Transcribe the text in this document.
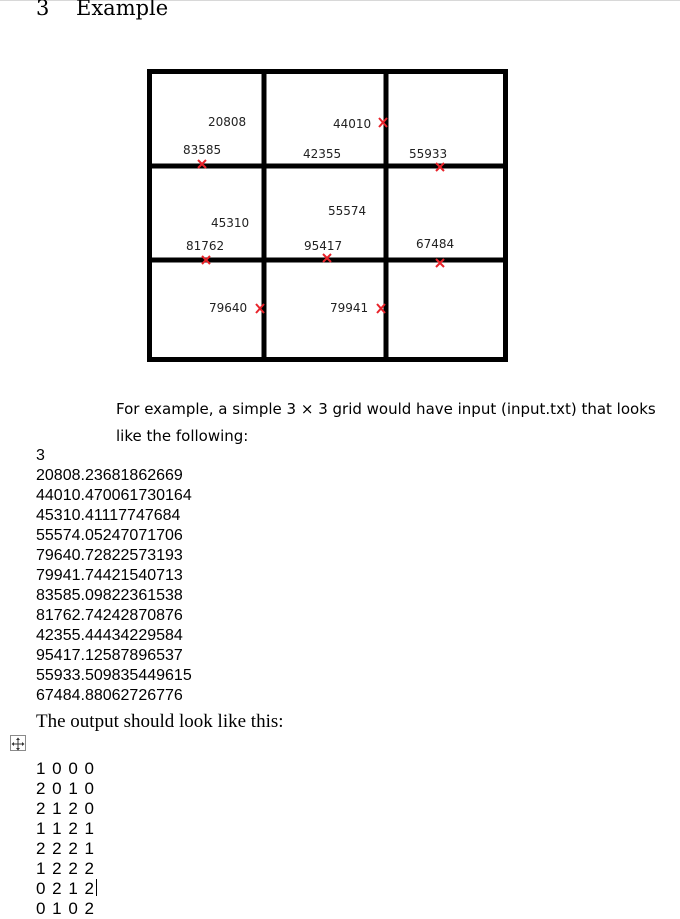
3 Example
20808
83585
44010
42355	55933
45310
81762
55574
95417	67484
79640	79941
For example, a simple 3 × 3 grid would have input (input.txt) that looks
like the following:
3
20808.23681862669
44010.470061730164
45310.41117747684
55574.05247071706
79640.72822573193
79941.74421540713
83585.09822361538
81762.74242870876
42355.44434229584
95417.12587896537
55933.509835449615
67484.88062726776
The output should look like this:
1 0 0 0
2 0 1 0
2 1 2 0
1 1 2 1
2 2 2 1
1 2 2 2
0 2 1 2
0 1 0 2
